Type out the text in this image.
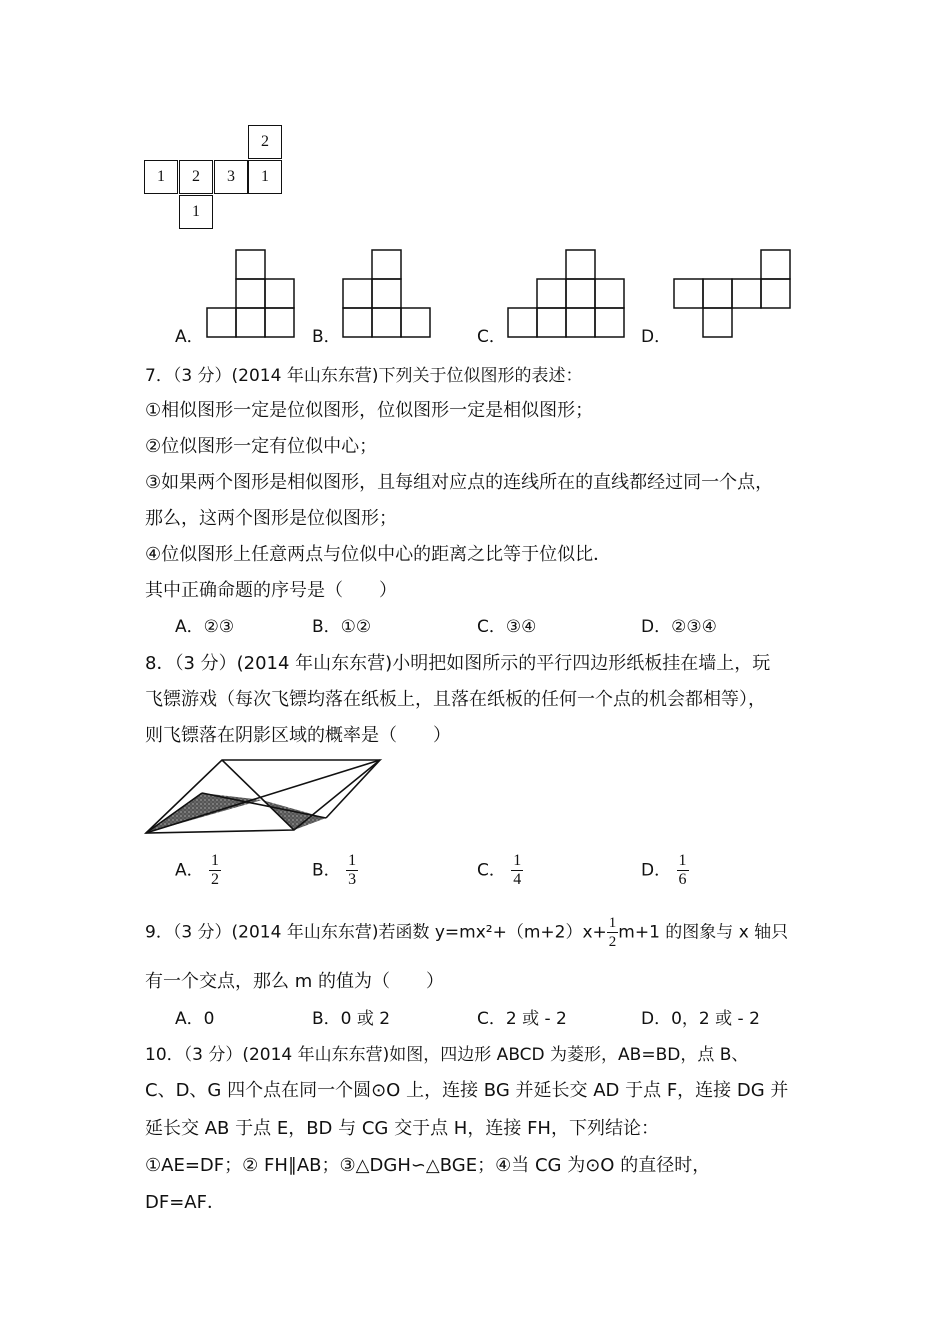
2
1	2	3	1
1
A．	B．	C．	D．
7．（3 分）(2014 年山东东营)下列关于位似图形的表述：
①相似图形一定是位似图形，位似图形一定是相似图形；
②位似图形一定有位似中心；
③如果两个图形是相似图形，且每组对应点的连线所在的直线都经过同一个点，
那么，这两个图形是位似图形；
④位似图形上任意两点与位似中心的距离之比等于位似比．
其中正确命题的序号是（　　）
A．②③	B．①②	C．③④	D．②③④
8．（3 分）(2014 年山东东营)小明把如图所示的平行四边形纸板挂在墙上，玩
飞镖游戏（每次飞镖均落在纸板上，且落在纸板的任何一个点的机会都相等），
则飞镖落在阴影区域的概率是（　　）
A． $\frac{1}{2}$	B． $\frac{1}{3}$	C． $\frac{1}{4}$	D． $\frac{1}{6}$
9．（3 分）(2014 年山东东营)若函数 $y=mx^2+(m+2)x+ \frac{1}{2} m+1$ 的图象与 x 轴只
有一个交点，那么 m 的值为（　　）
A．0	B．0 或 2	C．2 或 - 2	D．0，2 或 - 2
10．（3 分）(2014 年山东东营)如图，四边形 ABCD 为菱形，AB=BD，点 B、
C、D、G 四个点在同一个圆⊙O 上，连接 BG 并延长交 AD 于点 F，连接 DG 并
延长交 AB 于点 E，BD 与 CG 交于点 H，连接 FH，下列结论：
①AE=DF；② FH∥AB；③△DGH∽△BGE；④当 CG 为⊙O 的直径时，
DF=AF．
